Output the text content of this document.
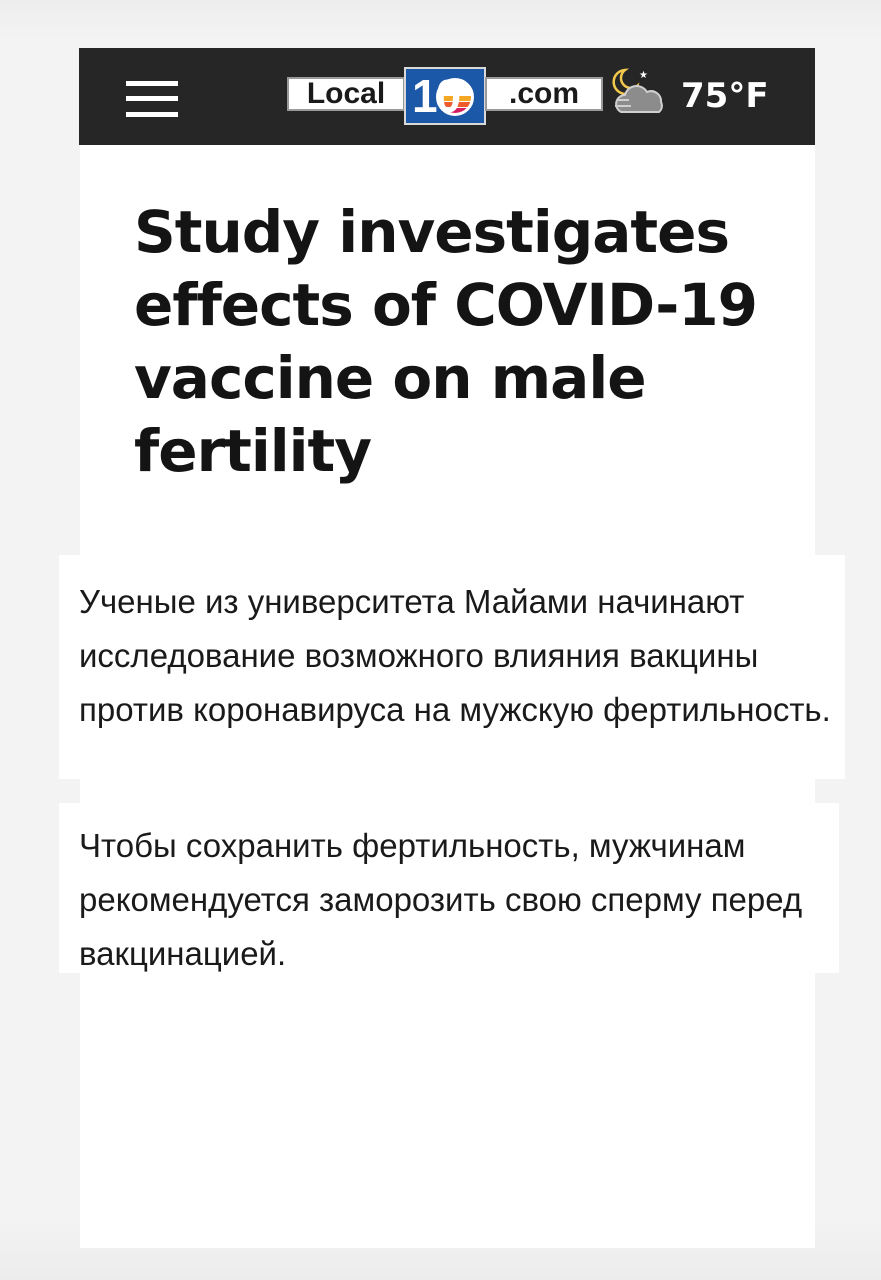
Local 10	.com
★
75°F
Study investigates effects of COVID-19 vaccine on male fertility
Ученые из университета Майами начинают исследование возможного влияния вакцины против коронавируса на мужскую фертильность.
Чтобы сохранить фертильность, мужчинам рекомендуется заморозить свою сперму перед вакцинацией.
